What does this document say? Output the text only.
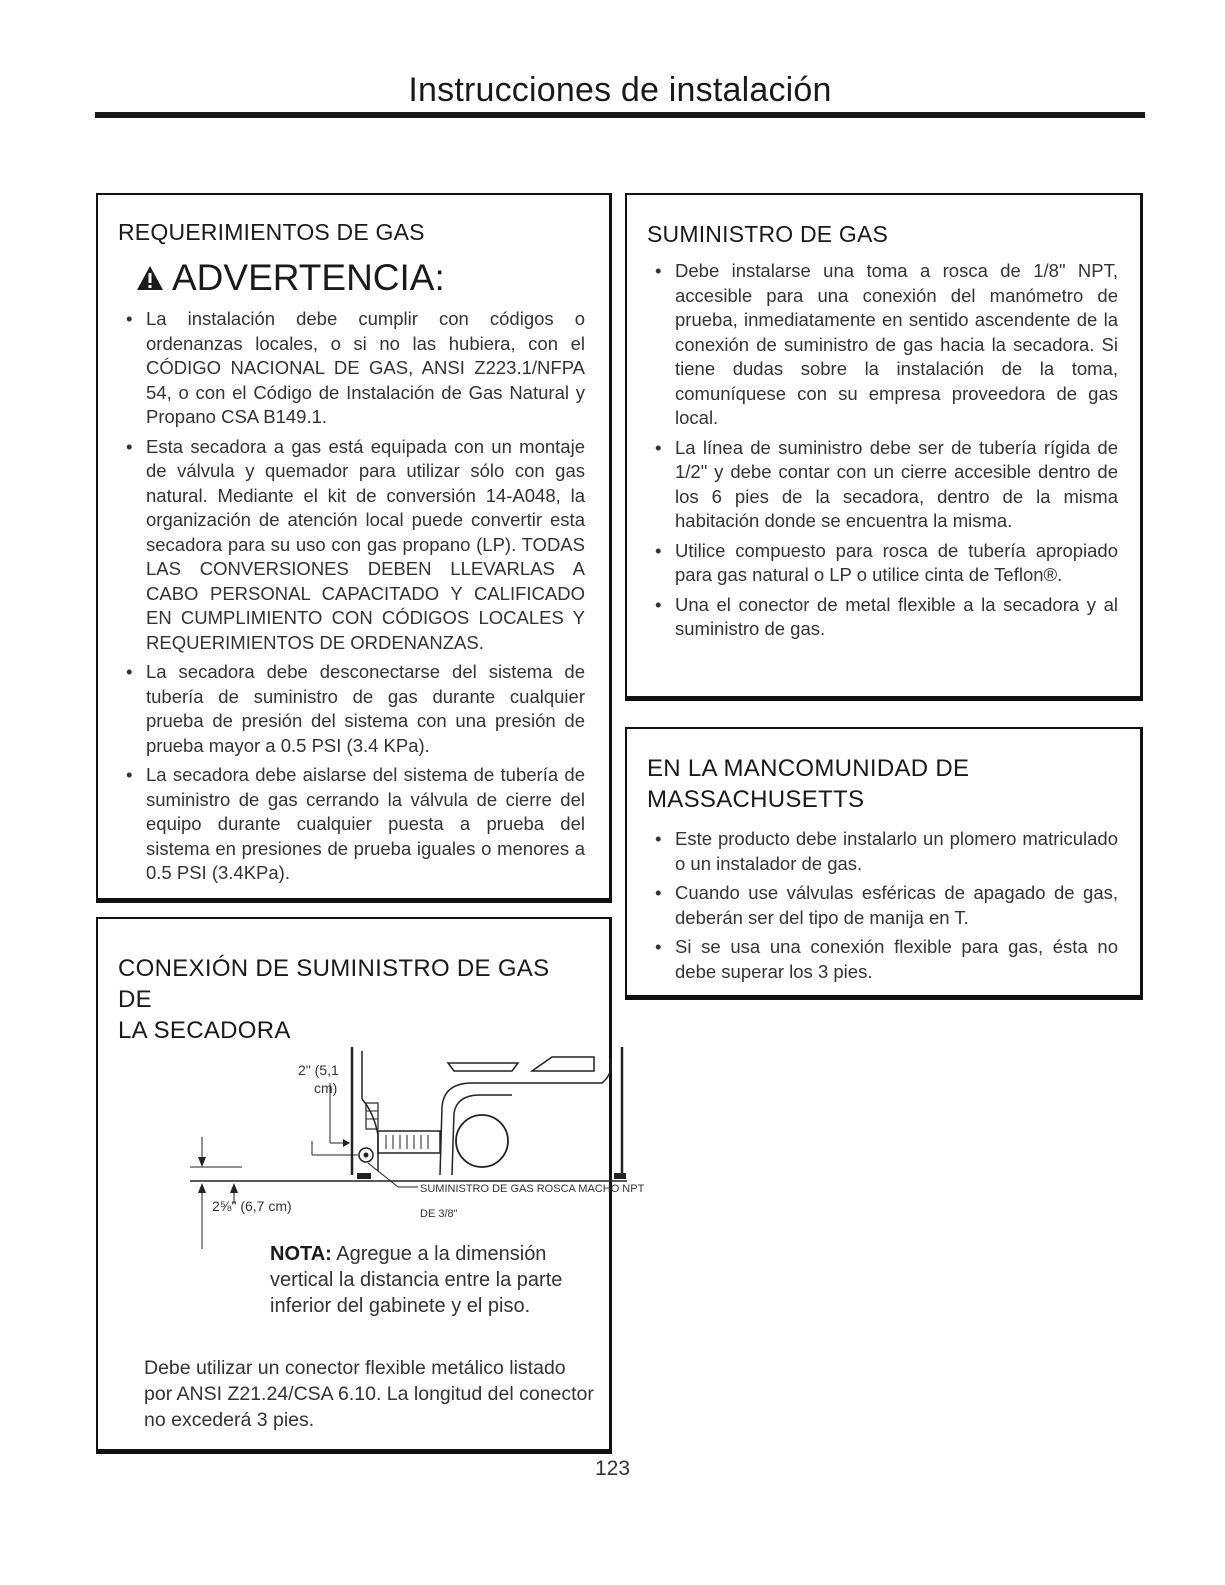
Instrucciones de instalación
REQUERIMIENTOS DE GAS
ADVERTENCIA:
• La instalación debe cumplir con códigos o ordenanzas locales, o si no las hubiera, con el CÓDIGO NACIONAL DE GAS, ANSI Z223.1/NFPA 54, o con el Código de Instalación de Gas Natural y Propano CSA B149.1.
• Esta secadora a gas está equipada con un montaje de válvula y quemador para utilizar sólo con gas natural. Mediante el kit de conversión 14-A048, la organización de atención local puede convertir esta secadora para su uso con gas propano (LP). TODAS LAS CONVERSIONES DEBEN LLEVARLAS A CABO PERSONAL CAPACITADO Y CALIFICADO EN CUMPLIMIENTO CON CÓDIGOS LOCALES Y REQUERIMIENTOS DE ORDENANZAS.
• La secadora debe desconectarse del sistema de tubería de suministro de gas durante cualquier prueba de presión del sistema con una presión de prueba mayor a 0.5 PSI (3.4 KPa).
• La secadora debe aislarse del sistema de tubería de suministro de gas cerrando la válvula de cierre del equipo durante cualquier puesta a prueba del sistema en presiones de prueba iguales o menores a 0.5 PSI (3.4KPa).
SUMINISTRO DE GAS
• Debe instalarse una toma a rosca de 1/8" NPT, accesible para una conexión del manómetro de prueba, inmediatamente en sentido ascendente de la conexión de suministro de gas hacia la secadora. Si tiene dudas sobre la instalación de la toma, comuníquese con su empresa proveedora de gas local.
• La línea de suministro debe ser de tubería rígida de 1/2" y debe contar con un cierre accesible dentro de los 6 pies de la secadora, dentro de la misma habitación donde se encuentra la misma.
• Utilice compuesto para rosca de tubería apropiado para gas natural o LP o utilice cinta de Teflon®.
• Una el conector de metal flexible a la secadora y al suministro de gas.
EN LA MANCOMUNIDAD DE
MASSACHUSETTS
• Este producto debe instalarlo un plomero matriculado o un instalador de gas.
• Cuando use válvulas esféricas de apagado de gas, deberán ser del tipo de manija en T.
• Si se usa una conexión flexible para gas, ésta no debe superar los 3 pies.
CONEXIÓN DE SUMINISTRO DE GAS DE
LA SECADORA
2" (5,1
cm)
2⅝" (6,7 cm)
SUMINISTRO DE GAS ROSCA MACHO NPT
DE 3/8"
NOTA: Agregue a la dimensión vertical la distancia entre la parte inferior del gabinete y el piso.
Debe utilizar un conector flexible metálico listado por ANSI Z21.24/CSA 6.10. La longitud del conector no excederá 3 pies.
123
